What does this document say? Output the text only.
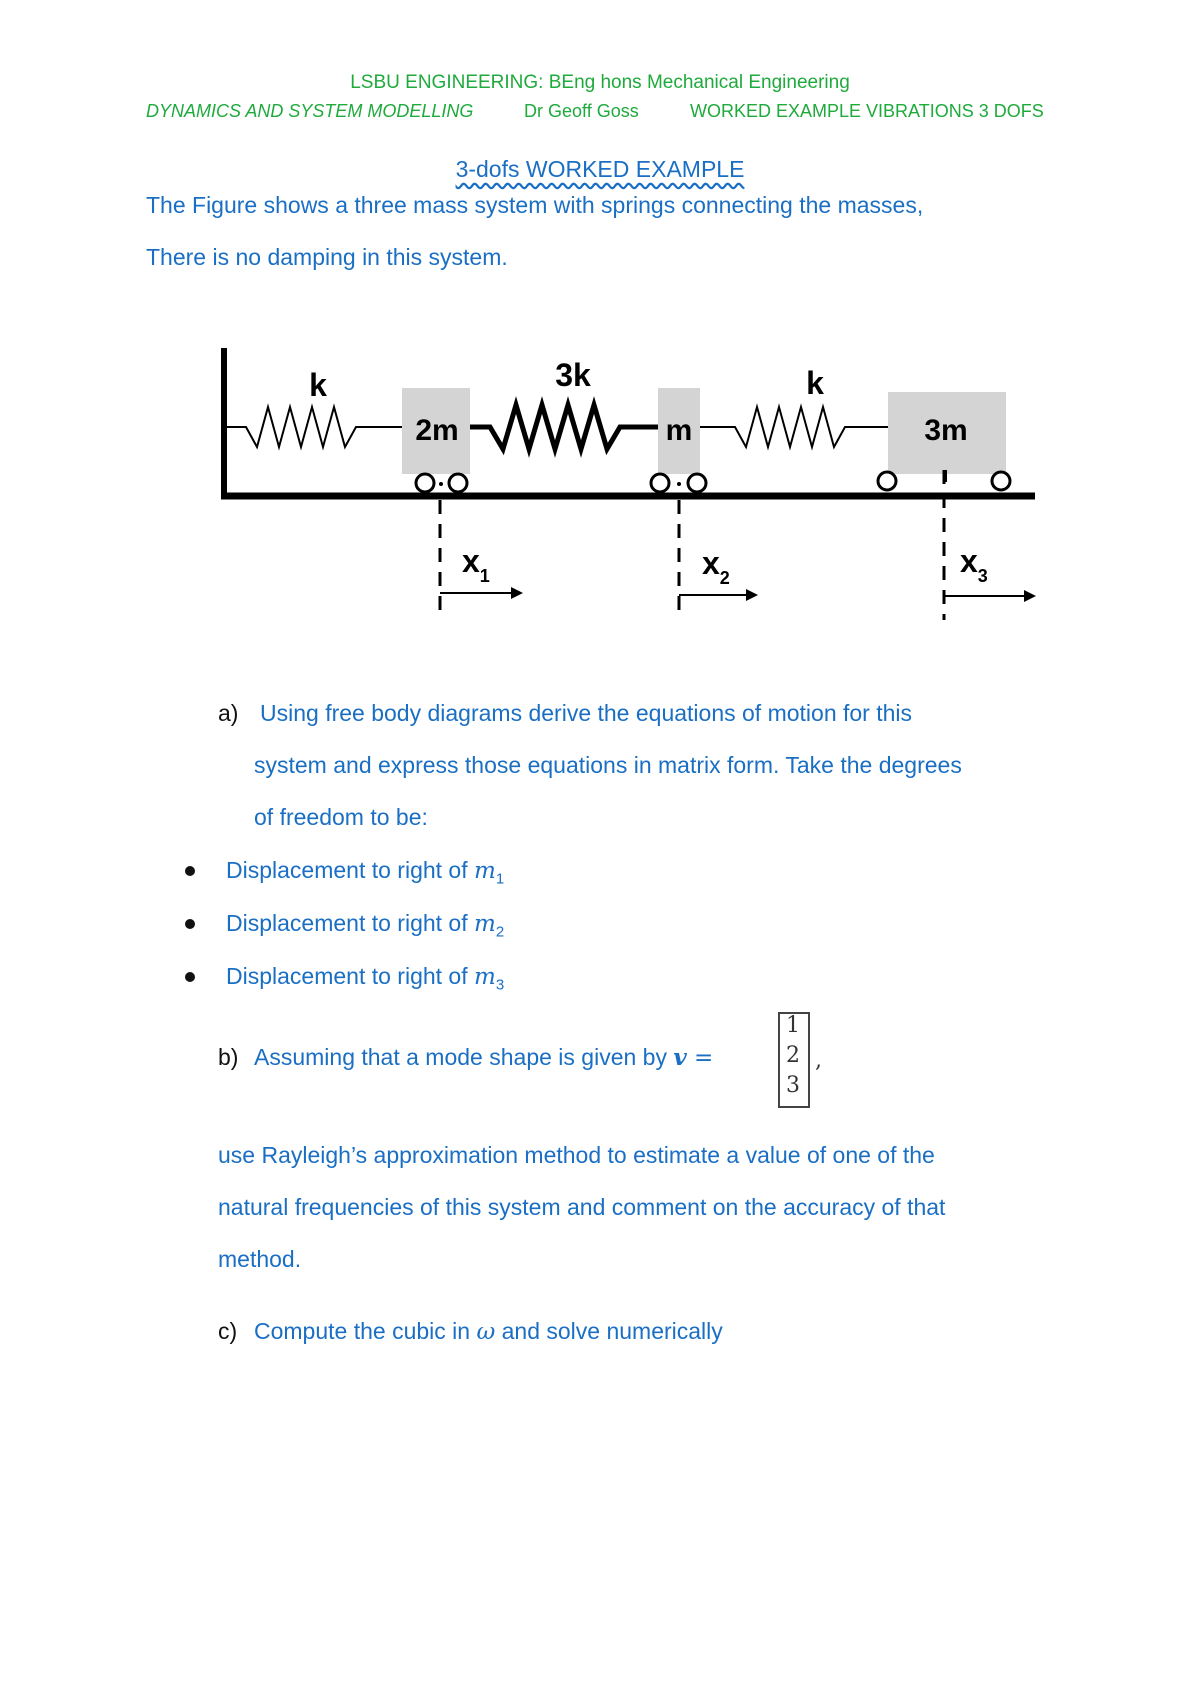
LSBU ENGINEERING: BEng hons Mechanical Engineering
DYNAMICS AND SYSTEM MODELLING	Dr Geoff Goss	WORKED EXAMPLE VIBRATIONS 3 DOFS
3-dofs WORKED EXAMPLE
The Figure shows a three mass system with springs connecting the masses,
There is no damping in this system.
k	3k	k
2m	m	3m
$x_1$	$x_2$	$x_3$
a) Using free body diagrams derive the equations of motion for this
system and express those equations in matrix form. Take the degrees
of freedom to be:
Displacement to right of $m_1$
Displacement to right of $m_2$
Displacement to right of $m_3$
b) Assuming that a mode shape is given by v =
1
2
3
,
use Rayleigh’s approximation method to estimate a value of one of the
natural frequencies of this system and comment on the accuracy of that
method.
c) Compute the cubic in ω and solve numerically
